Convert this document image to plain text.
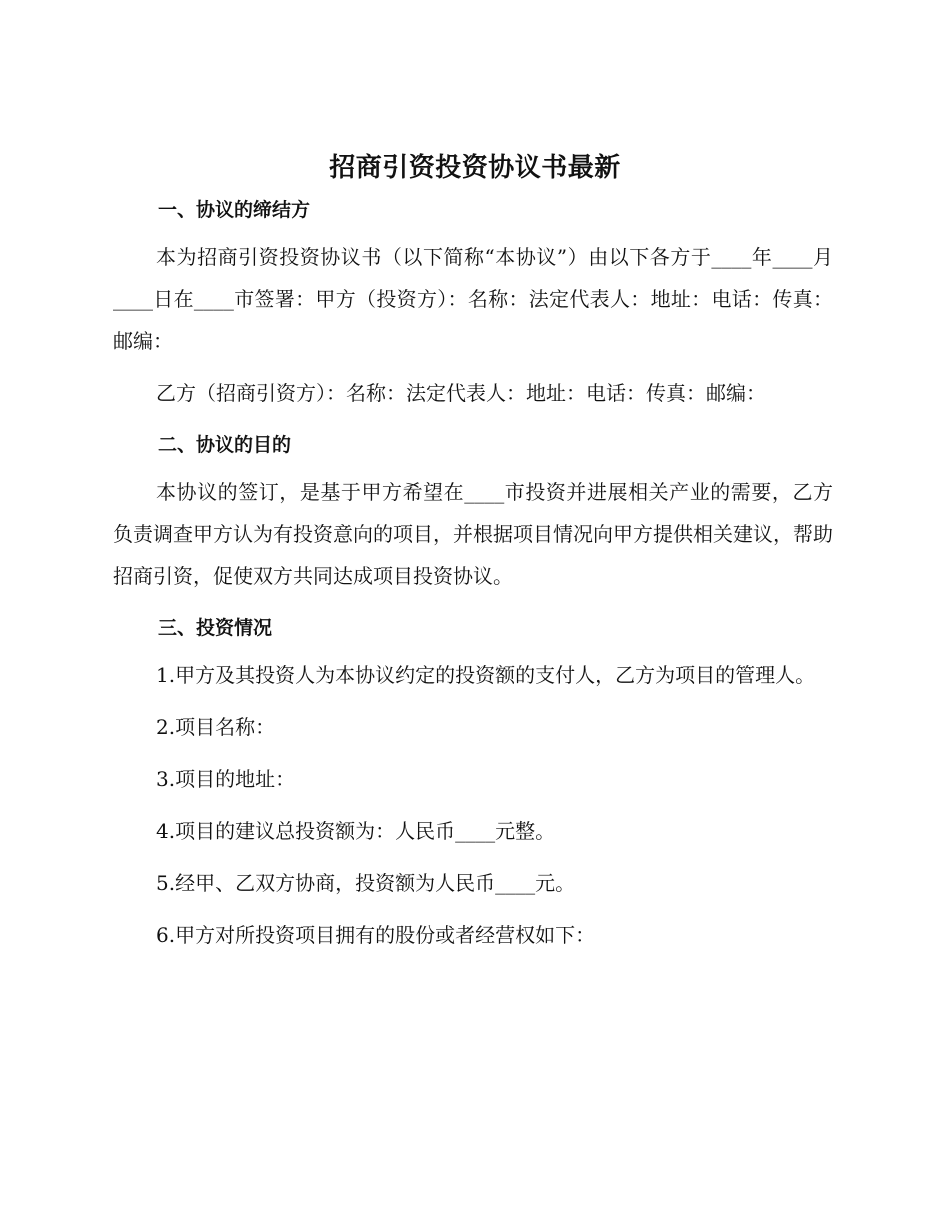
招商引资投资协议书最新
一、协议的缔结方

本为招商引资投资协议书（以下简称“本协议”）由以下各方于____年____月____日在____市签署：甲方（投资方）：名称：法定代表人：地址：电话：传真：邮编：

乙方（招商引资方）：名称：法定代表人：地址：电话：传真：邮编：

二、协议的目的

本协议的签订，是基于甲方希望在____市投资并进展相关产业的需要，乙方负责调查甲方认为有投资意向的项目，并根据项目情况向甲方提供相关建议，帮助招商引资，促使双方共同达成项目投资协议。

三、投资情况

1.甲方及其投资人为本协议约定的投资额的支付人，乙方为项目的管理人。

2.项目名称：

3.项目的地址：

4.项目的建议总投资额为：人民币____元整。

5.经甲、乙双方协商，投资额为人民币____元。

6.甲方对所投资项目拥有的股份或者经营权如下：
